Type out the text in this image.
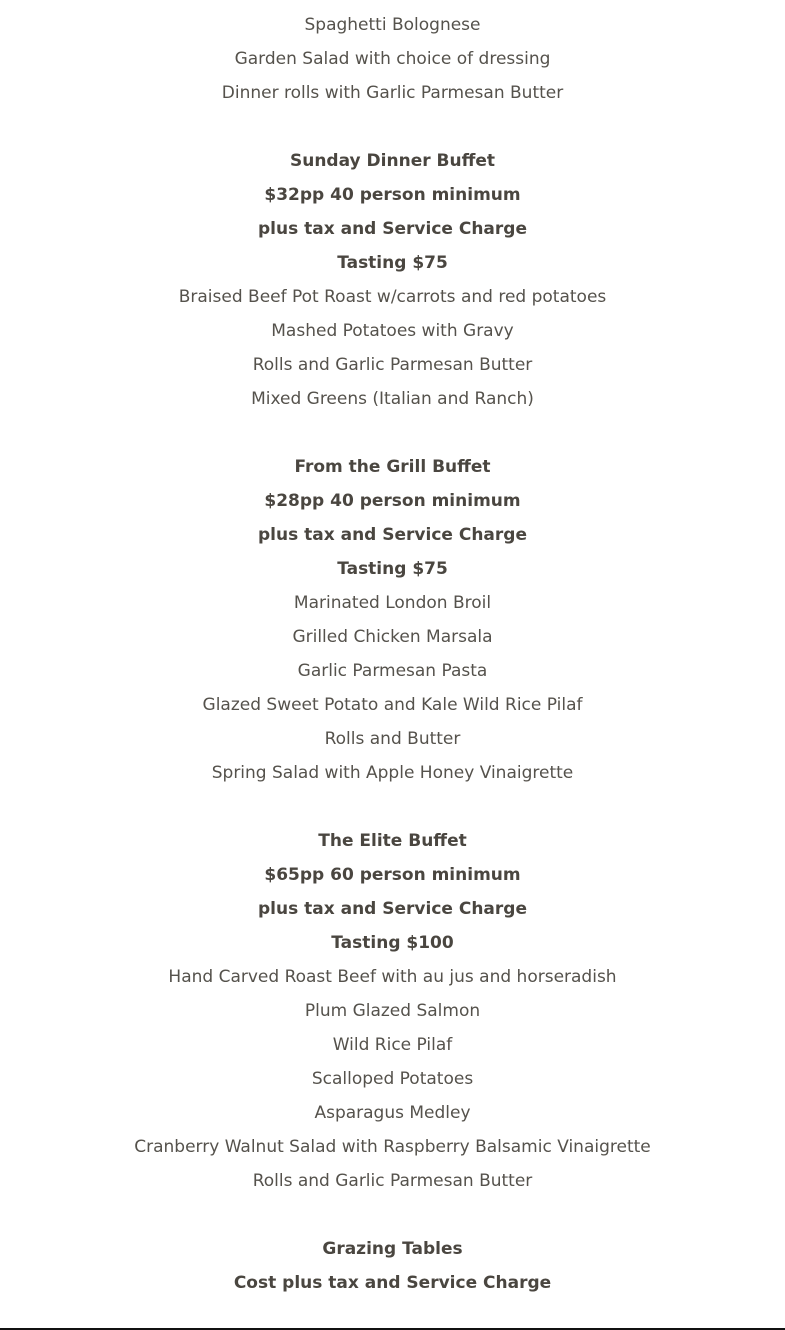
Spaghetti Bolognese
Garden Salad with choice of dressing
Dinner rolls with Garlic Parmesan Butter
Sunday Dinner Buffet
$32pp 40 person minimum
plus tax and Service Charge
Tasting $75
Braised Beef Pot Roast w/carrots and red potatoes
Mashed Potatoes with Gravy
Rolls and Garlic Parmesan Butter
Mixed Greens (Italian and Ranch)
From the Grill Buffet
$28pp 40 person minimum
plus tax and Service Charge
Tasting $75
Marinated London Broil
Grilled Chicken Marsala
Garlic Parmesan Pasta
Glazed Sweet Potato and Kale Wild Rice Pilaf
Rolls and Butter
Spring Salad with Apple Honey Vinaigrette
The Elite Buffet
$65pp 60 person minimum
plus tax and Service Charge
Tasting $100
Hand Carved Roast Beef with au jus and horseradish
Plum Glazed Salmon
Wild Rice Pilaf
Scalloped Potatoes
Asparagus Medley
Cranberry Walnut Salad with Raspberry Balsamic Vinaigrette
Rolls and Garlic Parmesan Butter
Grazing Tables
Cost plus tax and Service Charge
